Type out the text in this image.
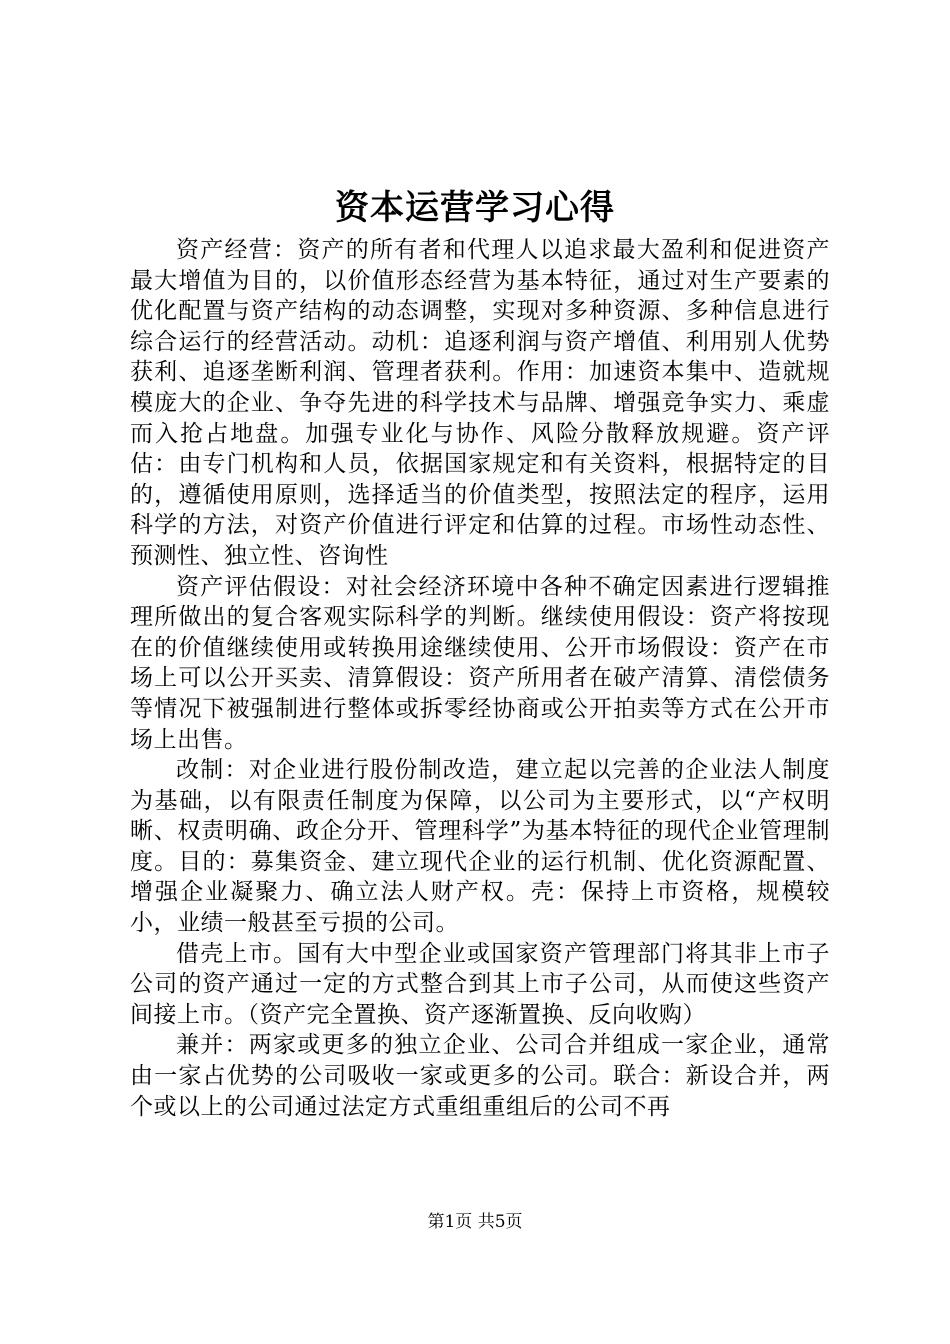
资本运营学习心得

资产经营：资产的所有者和代理人以追求最大盈利和促进资产最大增值为目的，以价值形态经营为基本特征，通过对生产要素的优化配置与资产结构的动态调整，实现对多种资源、多种信息进行综合运行的经营活动。动机：追逐利润与资产增值、利用别人优势获利、追逐垄断利润、管理者获利。作用：加速资本集中、造就规模庞大的企业、争夺先进的科学技术与品牌、增强竞争实力、乘虚而入抢占地盘。加强专业化与协作、风险分散释放规避。资产评估：由专门机构和人员，依据国家规定和有关资料，根据特定的目的，遵循使用原则，选择适当的价值类型，按照法定的程序，运用科学的方法，对资产价值进行评定和估算的过程。市场性动态性、预测性、独立性、咨询性

资产评估假设：对社会经济环境中各种不确定因素进行逻辑推理所做出的复合客观实际科学的判断。继续使用假设：资产将按现在的价值继续使用或转换用途继续使用、公开市场假设：资产在市场上可以公开买卖、清算假设：资产所用者在破产清算、清偿债务等情况下被强制进行整体或拆零经协商或公开拍卖等方式在公开市场上出售。

改制：对企业进行股份制改造，建立起以完善的企业法人制度为基础，以有限责任制度为保障，以公司为主要形式，以“产权明晰、权责明确、政企分开、管理科学”为基本特征的现代企业管理制度。目的：募集资金、建立现代企业的运行机制、优化资源配置、增强企业凝聚力、确立法人财产权。壳：保持上市资格，规模较小，业绩一般甚至亏损的公司。

借壳上市。国有大中型企业或国家资产管理部门将其非上市子公司的资产通过一定的方式整合到其上市子公司，从而使这些资产间接上市。（资产完全置换、资产逐渐置换、反向收购）

兼并：两家或更多的独立企业、公司合并组成一家企业，通常由一家占优势的公司吸收一家或更多的公司。联合：新设合并，两个或以上的公司通过法定方式重组重组后的公司不再

第1页 共5页
